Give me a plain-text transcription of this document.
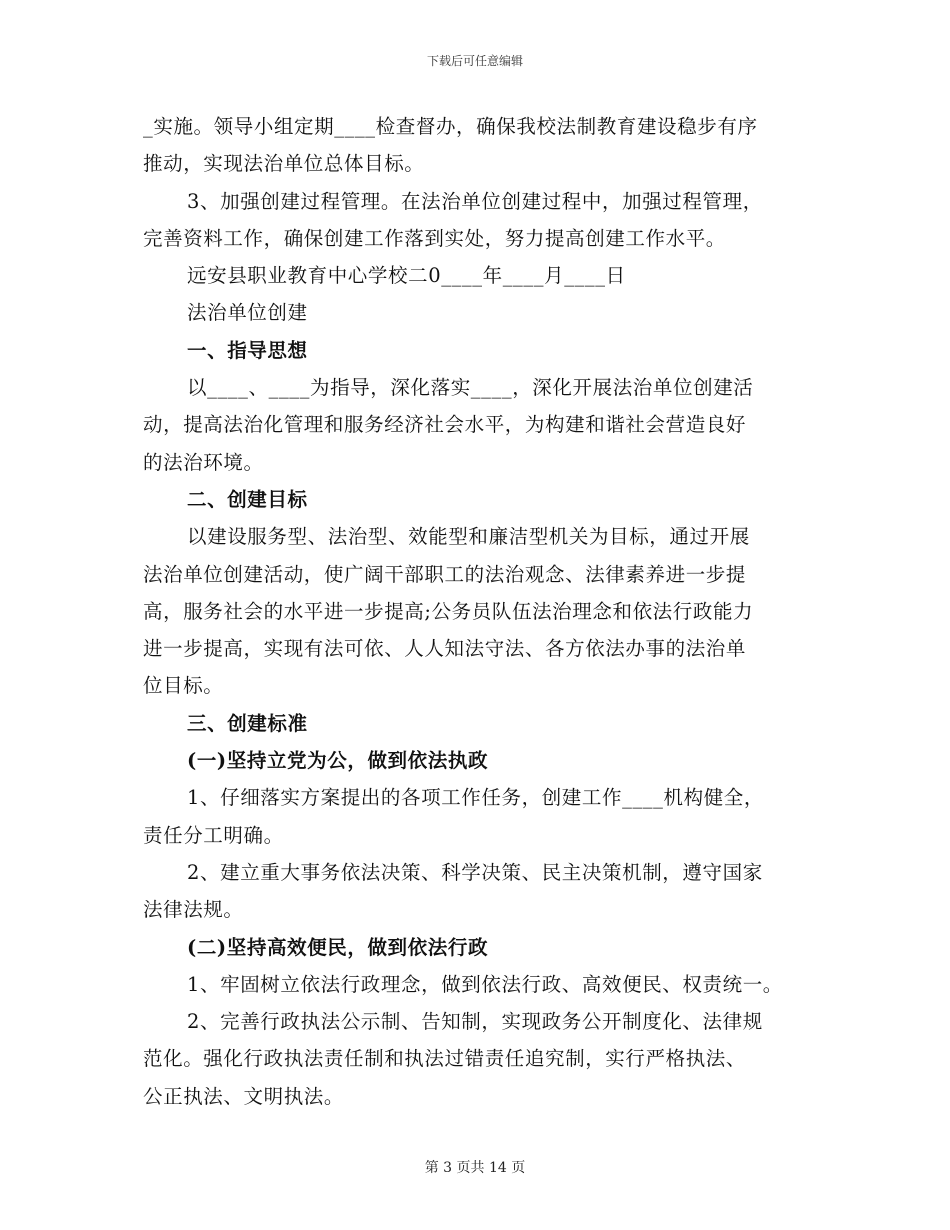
下载后可任意编辑
_实施。领导小组定期____检查督办，确保我校法制教育建设稳步有序
推动，实现法治单位总体目标。
3、加强创建过程管理。在法治单位创建过程中，加强过程管理，
完善资料工作，确保创建工作落到实处，努力提高创建工作水平。
远安县职业教育中心学校二0____年____月____日
法治单位创建
一、指导思想
以____、____为指导，深化落实____，深化开展法治单位创建活
动，提高法治化管理和服务经济社会水平，为构建和谐社会营造良好
的法治环境。
二、创建目标
以建设服务型、法治型、效能型和廉洁型机关为目标，通过开展
法治单位创建活动，使广阔干部职工的法治观念、法律素养进一步提
高，服务社会的水平进一步提高;公务员队伍法治理念和依法行政能力
进一步提高，实现有法可依、人人知法守法、各方依法办事的法治单
位目标。
三、创建标准
(一)坚持立党为公，做到依法执政
1、仔细落实方案提出的各项工作任务，创建工作____机构健全，
责任分工明确。
2、建立重大事务依法决策、科学决策、民主决策机制，遵守国家
法律法规。
(二)坚持高效便民，做到依法行政
1、牢固树立依法行政理念，做到依法行政、高效便民、权责统一。
2、完善行政执法公示制、告知制，实现政务公开制度化、法律规
范化。强化行政执法责任制和执法过错责任追究制，实行严格执法、
公正执法、文明执法。
第 3 页共 14 页
